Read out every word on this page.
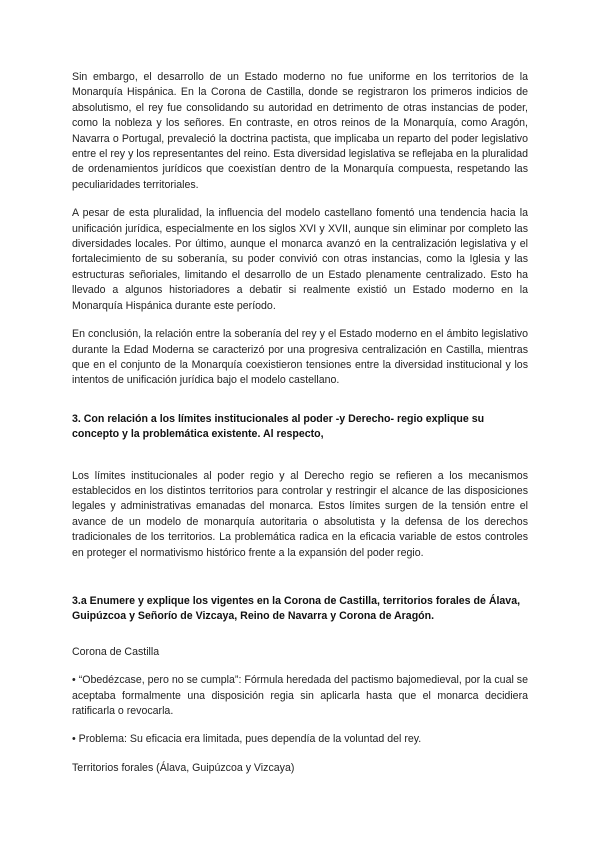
Sin embargo, el desarrollo de un Estado moderno no fue uniforme en los territorios de la Monarquía Hispánica. En la Corona de Castilla, donde se registraron los primeros indicios de absolutismo, el rey fue consolidando su autoridad en detrimento de otras instancias de poder, como la nobleza y los señores. En contraste, en otros reinos de la Monarquía, como Aragón, Navarra o Portugal, prevaleció la doctrina pactista, que implicaba un reparto del poder legislativo entre el rey y los representantes del reino. Esta diversidad legislativa se reflejaba en la pluralidad de ordenamientos jurídicos que coexistían dentro de la Monarquía compuesta, respetando las peculiaridades territoriales.

A pesar de esta pluralidad, la influencia del modelo castellano fomentó una tendencia hacia la unificación jurídica, especialmente en los siglos XVI y XVII, aunque sin eliminar por completo las diversidades locales. Por último, aunque el monarca avanzó en la centralización legislativa y el fortalecimiento de su soberanía, su poder convivió con otras instancias, como la Iglesia y las estructuras señoriales, limitando el desarrollo de un Estado plenamente centralizado. Esto ha llevado a algunos historiadores a debatir si realmente existió un Estado moderno en la Monarquía Hispánica durante este período.

En conclusión, la relación entre la soberanía del rey y el Estado moderno en el ámbito legislativo durante la Edad Moderna se caracterizó por una progresiva centralización en Castilla, mientras que en el conjunto de la Monarquía coexistieron tensiones entre la diversidad institucional y los intentos de unificación jurídica bajo el modelo castellano.

3. Con relación a los límites institucionales al poder -y Derecho- regio explique su concepto y la problemática existente. Al respecto,

Los límites institucionales al poder regio y al Derecho regio se refieren a los mecanismos establecidos en los distintos territorios para controlar y restringir el alcance de las disposiciones legales y administrativas emanadas del monarca. Estos límites surgen de la tensión entre el avance de un modelo de monarquía autoritaria o absolutista y la defensa de los derechos tradicionales de los territorios. La problemática radica en la eficacia variable de estos controles en proteger el normativismo histórico frente a la expansión del poder regio.

3.a Enumere y explique los vigentes en la Corona de Castilla, territorios forales de Álava, Guipúzcoa y Señorío de Vizcaya, Reino de Navarra y Corona de Aragón.

Corona de Castilla

• “Obedézcase, pero no se cumpla”: Fórmula heredada del pactismo bajomedieval, por la cual se aceptaba formalmente una disposición regia sin aplicarla hasta que el monarca decidiera ratificarla o revocarla.

• Problema: Su eficacia era limitada, pues dependía de la voluntad del rey.

Territorios forales (Álava, Guipúzcoa y Vizcaya)
